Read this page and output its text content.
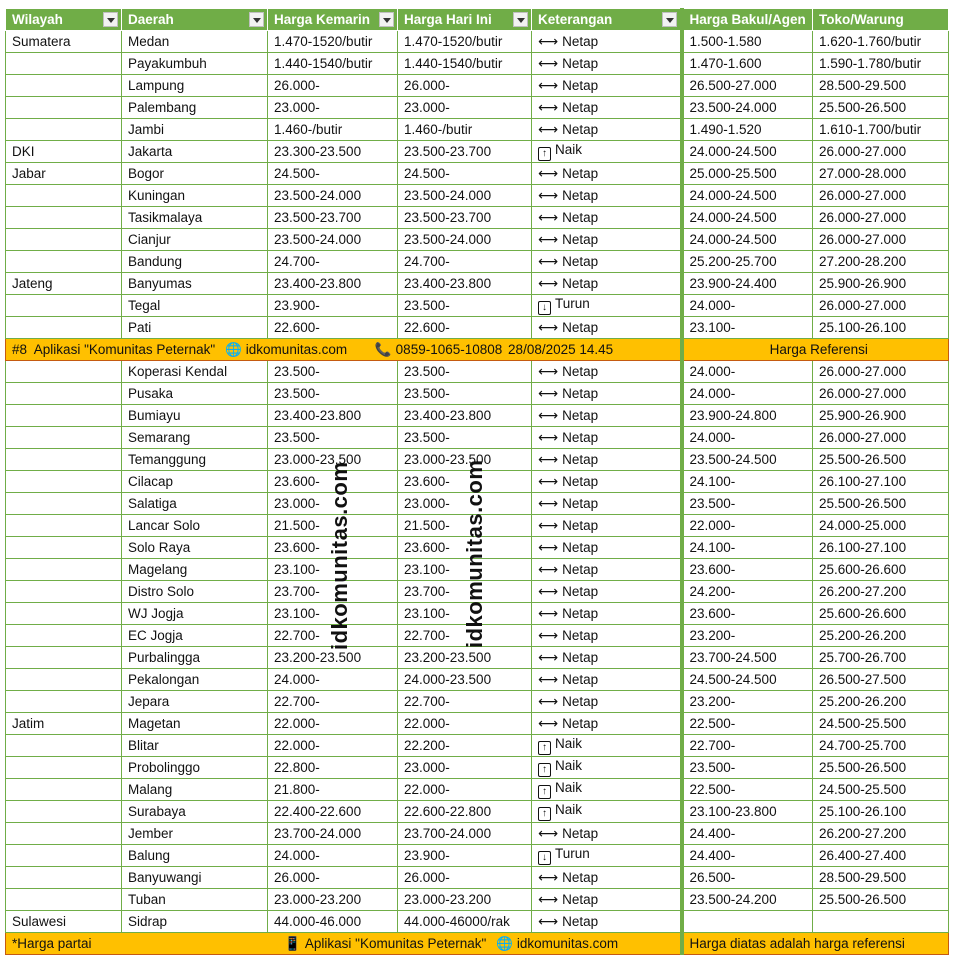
Wilayah	Daerah	Harga Kemarin	Harga Hari Ini	Keterangan	Harga Bakul/Agen	Toko/Warung
Sumatera	Medan	1.470-1520/butir	1.470-1520/butir	⟷ Netap	1.500-1.580	1.620-1.760/butir
	Payakumbuh	1.440-1540/butir	1.440-1540/butir	⟷ Netap	1.470-1.600	1.590-1.780/butir
	Lampung	26.000-	26.000-	⟷ Netap	26.500-27.000	28.500-29.500
	Palembang	23.000-	23.000-	⟷ Netap	23.500-24.000	25.500-26.500
	Jambi	1.460-/butir	1.460-/butir	⟷ Netap	1.490-1.520	1.610-1.700/butir
DKI	Jakarta	23.300-23.500	23.500-23.700	↑ Naik	24.000-24.500	26.000-27.000
Jabar	Bogor	24.500-	24.500-	⟷ Netap	25.000-25.500	27.000-28.000
	Kuningan	23.500-24.000	23.500-24.000	⟷ Netap	24.000-24.500	26.000-27.000
	Tasikmalaya	23.500-23.700	23.500-23.700	⟷ Netap	24.000-24.500	26.000-27.000
	Cianjur	23.500-24.000	23.500-24.000	⟷ Netap	24.000-24.500	26.000-27.000
	Bandung	24.700-	24.700-	⟷ Netap	25.200-25.700	27.200-28.200
Jateng	Banyumas	23.400-23.800	23.400-23.800	⟷ Netap	23.900-24.400	25.900-26.900
	Tegal	23.900-	23.500-	↓ Turun	24.000-	26.000-27.000
	Pati	22.600-	22.600-	⟷ Netap	23.100-	25.100-26.100
#8 Aplikasi "Komunitas Peternak" 🌐 idkomunitas.com 📞 0859-1065-10808 28/08/2025 14.45					Harga Referensi	
	Koperasi Kendal	23.500-	23.500-	⟷ Netap	24.000-	26.000-27.000
	Pusaka	23.500-	23.500-	⟷ Netap	24.000-	26.000-27.000
	Bumiayu	23.400-23.800	23.400-23.800	⟷ Netap	23.900-24.800	25.900-26.900
	Semarang	23.500-	23.500-	⟷ Netap	24.000-	26.000-27.000
	Temanggung	23.000-23.500	23.000-23.500	⟷ Netap	23.500-24.500	25.500-26.500
	Cilacap	23.600-	23.600-	⟷ Netap	24.100-	26.100-27.100
	Salatiga	23.000-	23.000-	⟷ Netap	23.500-	25.500-26.500
	Lancar Solo	21.500-	21.500-	⟷ Netap	22.000-	24.000-25.000
	Solo Raya	23.600-	23.600-	⟷ Netap	24.100-	26.100-27.100
	Magelang	23.100-	23.100-	⟷ Netap	23.600-	25.600-26.600
	Distro Solo	23.700-	23.700-	⟷ Netap	24.200-	26.200-27.200
	WJ Jogja	23.100-	23.100-	⟷ Netap	23.600-	25.600-26.600
	EC Jogja	22.700-	22.700-	⟷ Netap	23.200-	25.200-26.200
	Purbalingga	23.200-23.500	23.200-23.500	⟷ Netap	23.700-24.500	25.700-26.700
	Pekalongan	24.000-	24.000-23.500	⟷ Netap	24.500-24.500	26.500-27.500
	Jepara	22.700-	22.700-	⟷ Netap	23.200-	25.200-26.200
Jatim	Magetan	22.000-	22.000-	⟷ Netap	22.500-	24.500-25.500
	Blitar	22.000-	22.200-	↑ Naik	22.700-	24.700-25.700
	Probolinggo	22.800-	23.000-	↑ Naik	23.500-	25.500-26.500
	Malang	21.800-	22.000-	↑ Naik	22.500-	24.500-25.500
	Surabaya	22.400-22.600	22.600-22.800	↑ Naik	23.100-23.800	25.100-26.100
	Jember	23.700-24.000	23.700-24.000	⟷ Netap	24.400-	26.200-27.200
	Balung	24.000-	23.900-	↓ Turun	24.400-	26.400-27.400
	Banyuwangi	26.000-	26.000-	⟷ Netap	26.500-	28.500-29.500
	Tuban	23.000-23.200	23.000-23.200	⟷ Netap	23.500-24.200	25.500-26.500
Sulawesi	Sidrap	44.000-46.000	44.000-46000/rak	⟷ Netap		
*Harga partai 📱 Aplikasi "Komunitas Peternak" 🌐 idkomunitas.com					Harga diatas adalah harga referensi	
idkomunitas.com	idkomunitas.com
